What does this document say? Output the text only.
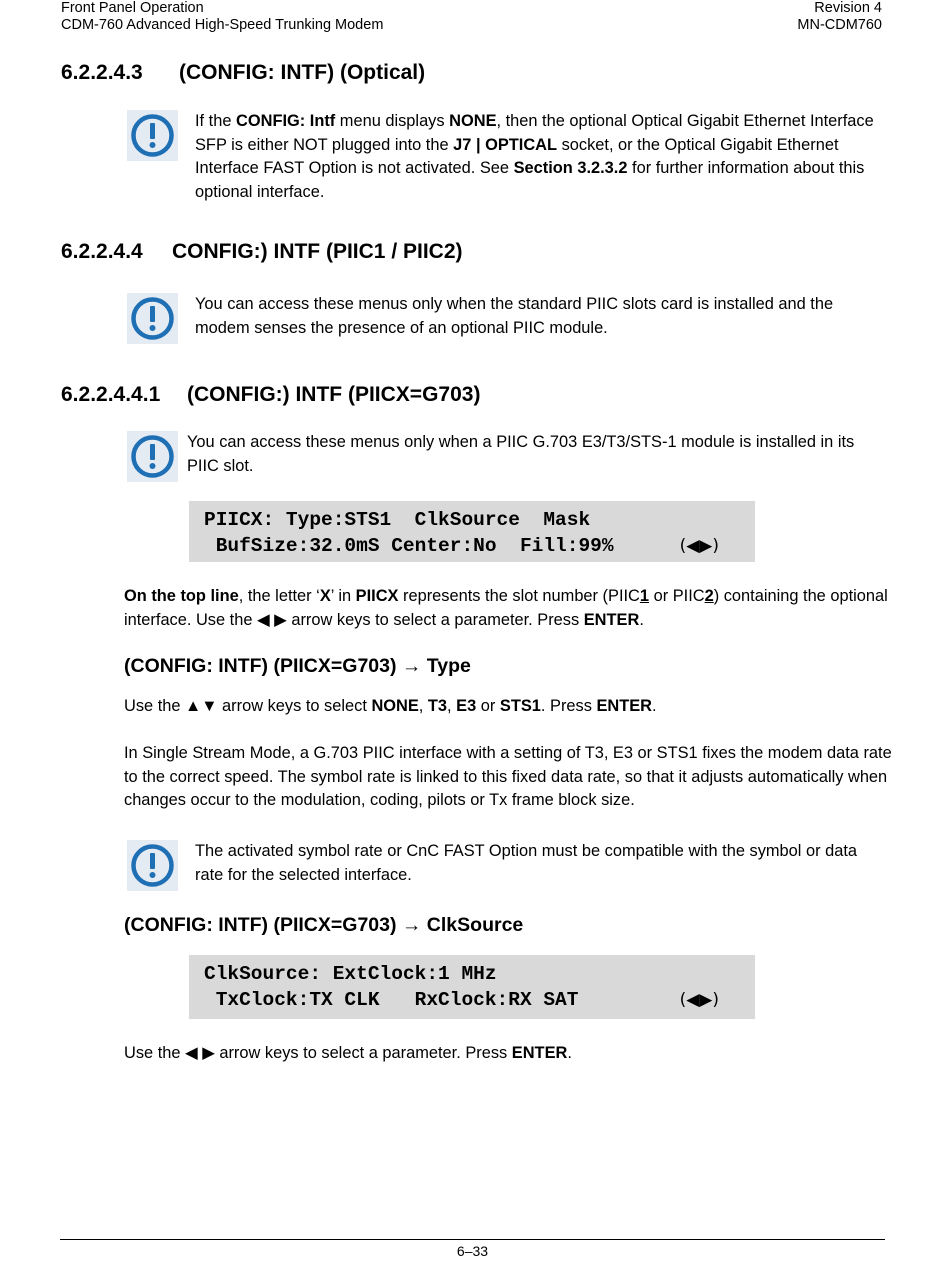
Front Panel Operation
CDM-760 Advanced High-Speed Trunking Modem
Revision 4
MN-CDM760
6.2.2.4.3 (CONFIG: INTF) (Optical)
If the CONFIG: Intf menu displays NONE, then the optional Optical Gigabit Ethernet Interface SFP is either NOT plugged into the J7 | OPTICAL socket, or the Optical Gigabit Ethernet Interface FAST Option is not activated. See Section 3.2.3.2 for further information about this optional interface.
6.2.2.4.4 CONFIG:) INTF (PIIC1 / PIIC2)
You can access these menus only when the standard PIIC slots card is installed and the modem senses the presence of an optional PIIC module.
6.2.2.4.4.1 (CONFIG:) INTF (PIICX=G703)
You can access these menus only when a PIIC G.703 E3/T3/STS-1 module is installed in its PIIC slot.
PIICX: Type:STS1  ClkSource  Mask
BufSize:32.0mS Center:No  Fill:99%	(◀▶)

On the top line, the letter ‘X’ in PIICX represents the slot number (PIIC1 or PIIC2) containing the optional interface. Use the ◀ ▶ arrow keys to select a parameter. Press ENTER.

(CONFIG: INTF) (PIICX=G703) → Type

Use the ▲▼ arrow keys to select NONE, T3, E3 or STS1. Press ENTER.

In Single Stream Mode, a G.703 PIIC interface with a setting of T3, E3 or STS1 fixes the modem data rate to the correct speed. The symbol rate is linked to this fixed data rate, so that it adjusts automatically when changes occur to the modulation, coding, pilots or Tx frame block size.

The activated symbol rate or CnC FAST Option must be compatible with the symbol or data rate for the selected interface.
(CONFIG: INTF) (PIICX=G703) → ClkSource
ClkSource: ExtClock:1 MHz
TxClock:TX CLK   RxClock:RX SAT	(◀▶)

Use the ◀ ▶ arrow keys to select a parameter. Press ENTER.

6–33
